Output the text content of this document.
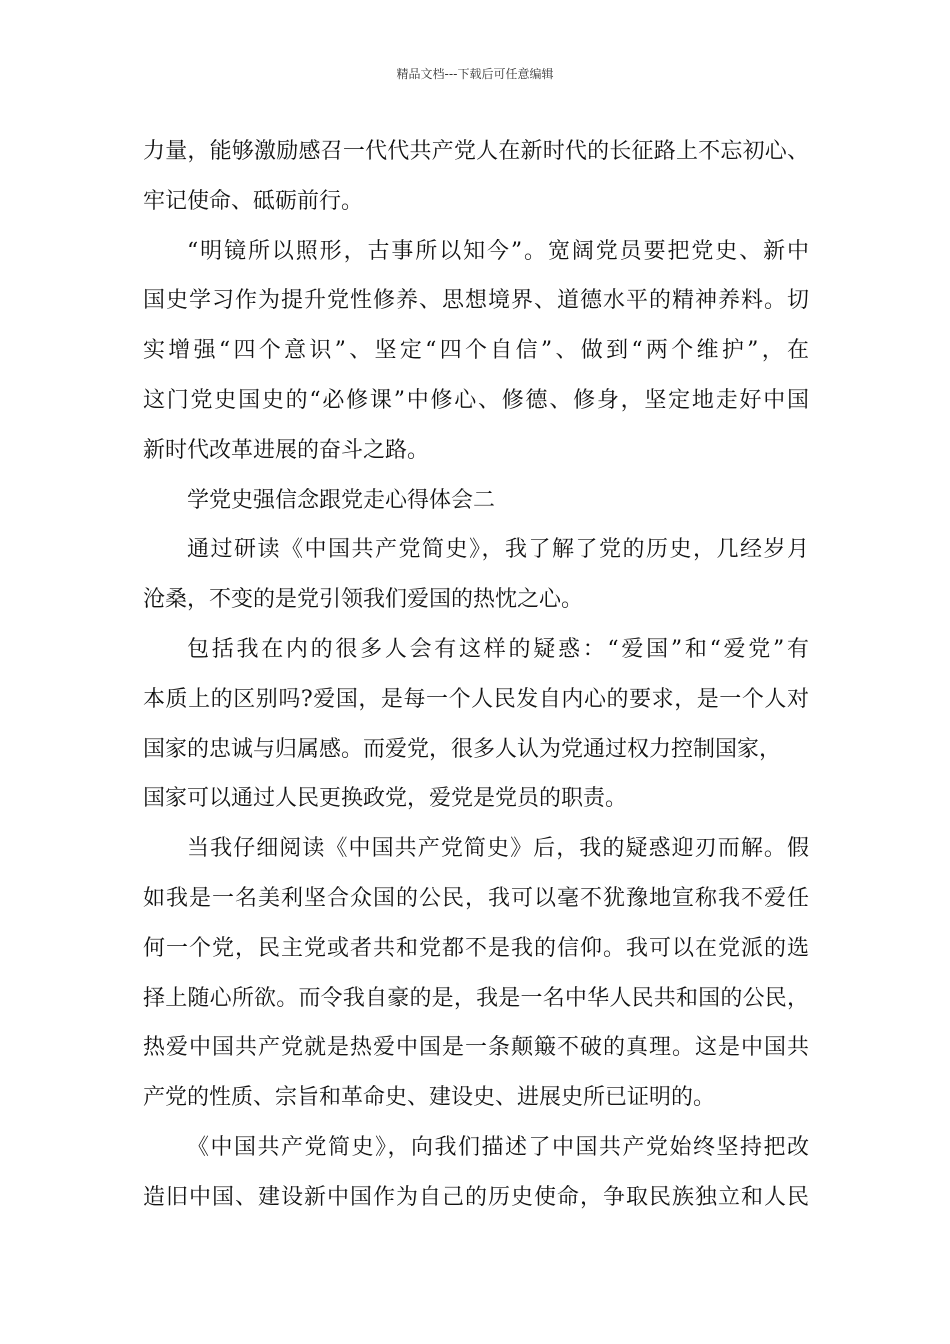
精品文档---下载后可任意编辑
力量，能够激励感召一代代共产党人在新时代的长征路上不忘初心、
牢记使命、砥砺前行。
“明镜所以照形，古事所以知今”。宽阔党员要把党史、新中
国史学习作为提升党性修养、思想境界、道德水平的精神养料。切
实增强“四个意识”、坚定“四个自信”、做到“两个维护”，在
这门党史国史的“必修课”中修心、修德、修身，坚定地走好中国
新时代改革进展的奋斗之路。
学党史强信念跟党走心得体会二
通过研读《中国共产党简史》，我了解了党的历史，几经岁月
沧桑，不变的是党引领我们爱国的热忱之心。
包括我在内的很多人会有这样的疑惑：“爱国”和“爱党”有
本质上的区别吗?爱国，是每一个人民发自内心的要求，是一个人对
国家的忠诚与归属感。而爱党，很多人认为党通过权力控制国家，
国家可以通过人民更换政党，爱党是党员的职责。
当我仔细阅读《中国共产党简史》后，我的疑惑迎刃而解。假
如我是一名美利坚合众国的公民，我可以毫不犹豫地宣称我不爱任
何一个党，民主党或者共和党都不是我的信仰。我可以在党派的选
择上随心所欲。而令我自豪的是，我是一名中华人民共和国的公民，
热爱中国共产党就是热爱中国是一条颠簸不破的真理。这是中国共
产党的性质、宗旨和革命史、建设史、进展史所已证明的。
《中国共产党简史》，向我们描述了中国共产党始终坚持把改
造旧中国、建设新中国作为自己的历史使命，争取民族独立和人民
